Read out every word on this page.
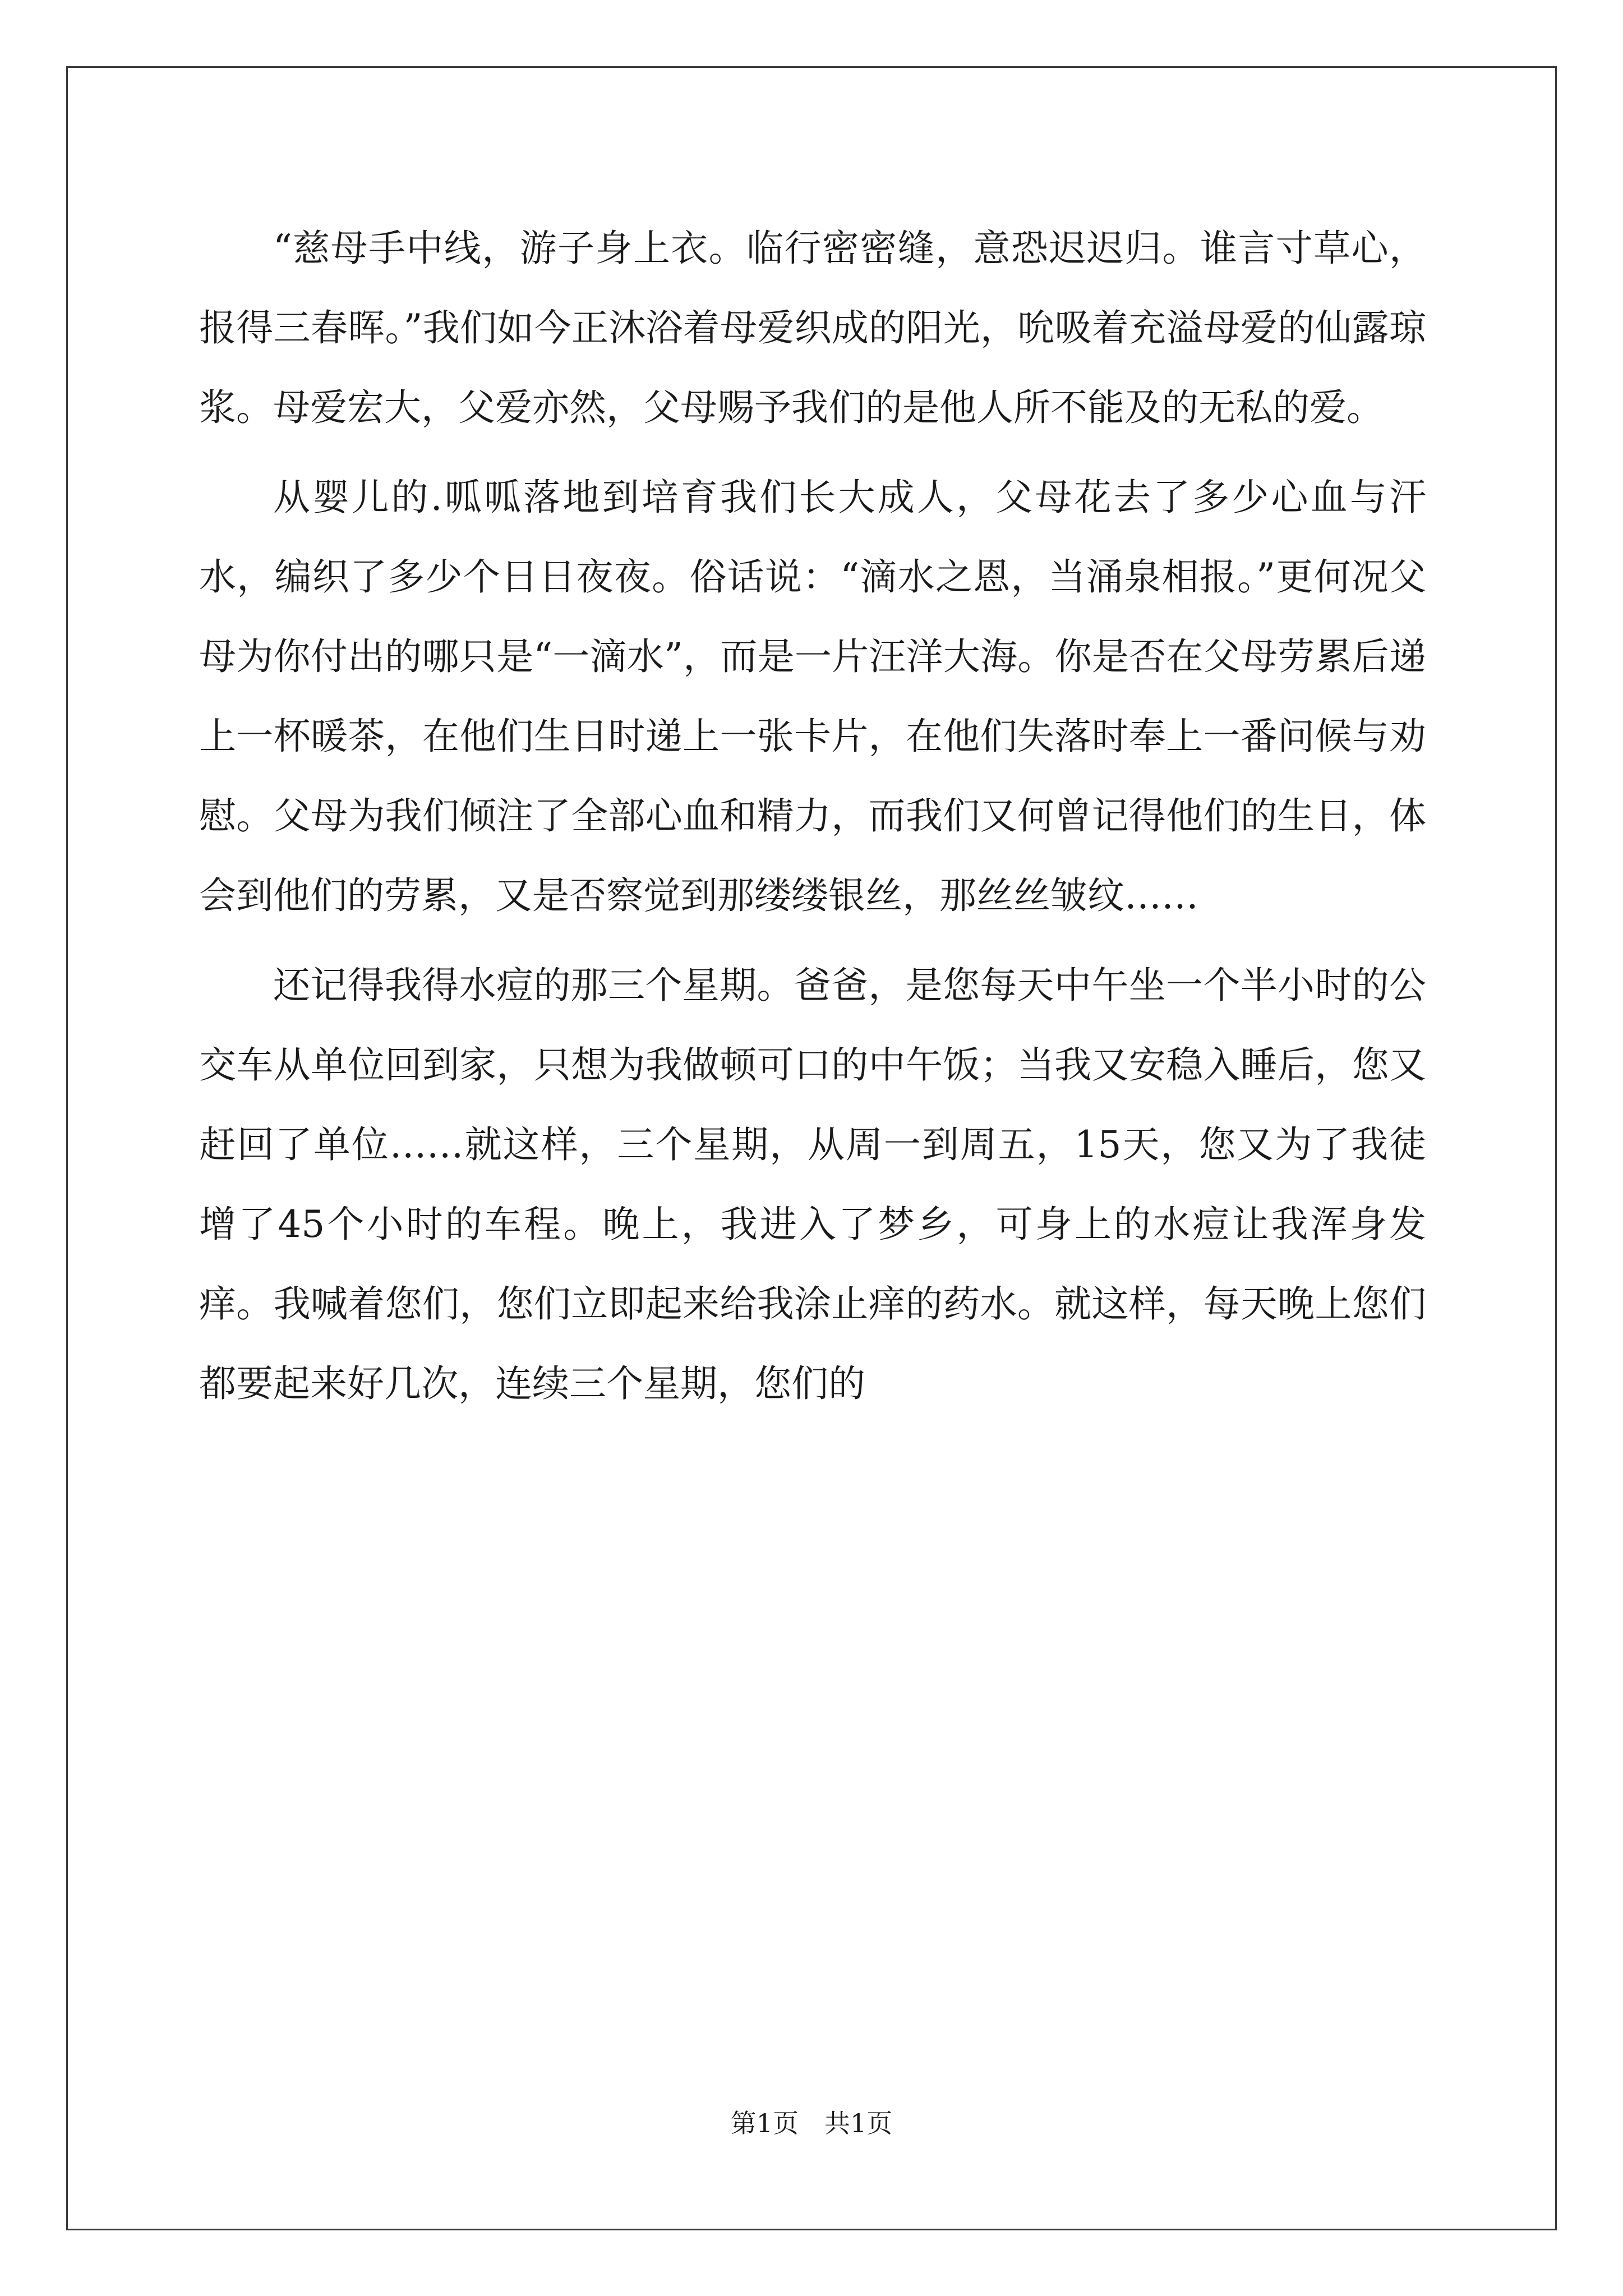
“慈母手中线，游子身上衣。临行密密缝，意恐迟迟归。谁言寸草心，报得三春晖。”我们如今正沐浴着母爱织成的阳光，吮吸着充溢母爱的仙露琼浆。母爱宏大，父爱亦然，父母赐予我们的是他人所不能及的无私的爱。

从婴儿的.呱呱落地到培育我们长大成人，父母花去了多少心血与汗水，编织了多少个日日夜夜。俗话说：“滴水之恩，当涌泉相报。”更何况父母为你付出的哪只是“一滴水”，而是一片汪洋大海。你是否在父母劳累后递上一杯暖茶，在他们生日时递上一张卡片，在他们失落时奉上一番问候与劝慰。父母为我们倾注了全部心血和精力，而我们又何曾记得他们的生日，体会到他们的劳累，又是否察觉到那缕缕银丝，那丝丝皱纹……

还记得我得水痘的那三个星期。爸爸，是您每天中午坐一个半小时的公交车从单位回到家，只想为我做顿可口的中午饭；当我又安稳入睡后，您又赶回了单位……就这样，三个星期，从周一到周五，15天，您又为了我徒增了45个小时的车程。晚上，我进入了梦乡，可身上的水痘让我浑身发痒。我喊着您们，您们立即起来给我涂止痒的药水。就这样，每天晚上您们都要起来好几次，连续三个星期，您们的

第1页　共1页
